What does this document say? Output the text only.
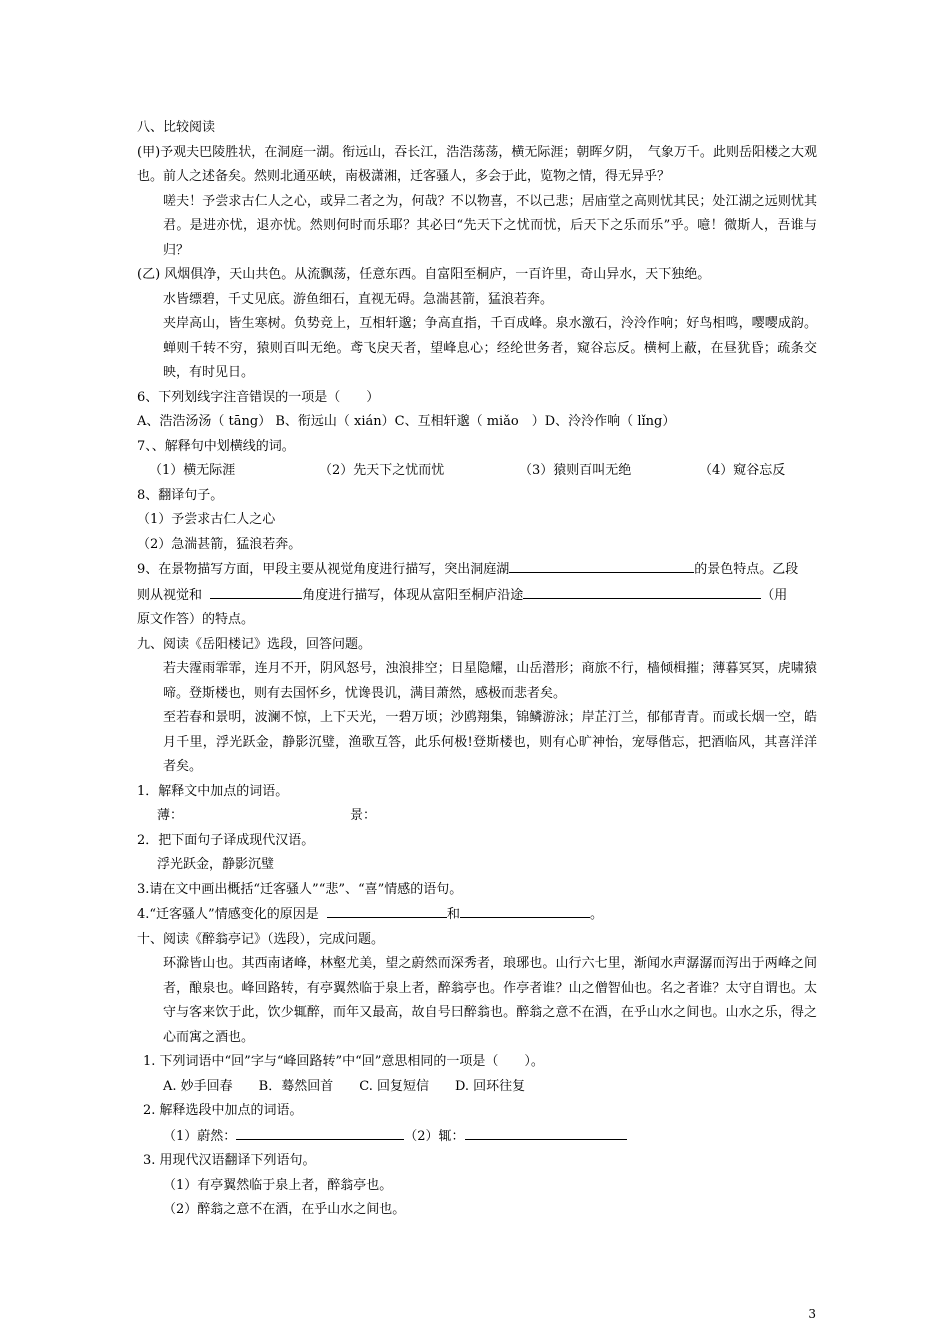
八、比较阅读
(甲)予观夫巴陵胜状，在洞庭一湖。衔远山，吞长江，浩浩荡荡，横无际涯；朝晖夕阴，　气象万千。此则岳阳楼之大观也。前人之述备矣。然则北通巫峡，南极潇湘，迁客骚人，多会于此，览物之情，得无异乎？
嗟夫！予尝求古仁人之心，或异二者之为，何哉？不以物喜，不以己悲；居庙堂之高则忧其民；处江湖之远则忧其君。是进亦忧，退亦忧。然则何时而乐耶？其必曰“先天下之忧而忧，后天下之乐而乐”乎。噫！微斯人，吾谁与归？
(乙) 风烟俱净，天山共色。从流飘荡，任意东西。自富阳至桐庐，一百许里，奇山异水，天下独绝。
水皆缥碧，千丈见底。游鱼细石，直视无碍。急湍甚箭，猛浪若奔。
夹岸高山，皆生寒树。负势竞上，互相轩邈；争高直指，千百成峰。泉水激石，泠泠作响；好鸟相鸣，嘤嘤成韵。蝉则千转不穷，猿则百叫无绝。鸢飞戾天者，望峰息心；经纶世务者，窥谷忘反。横柯上蔽，在昼犹昏；疏条交映，有时见日。
6、下列划线字注音错误的一项是（　　）
A、浩浩汤汤（ tāng） B、衔远山（ xián）C、互相轩邈（ miǎo　）D、泠泠作响（ lǐng）
7、、解释句中划横线的词。
（1）横无际涯	（2）先天下之忧而忧	（3）猿则百叫无绝	（4）窥谷忘反
8、翻译句子。
（1）予尝求古仁人之心
（2）急湍甚箭，猛浪若奔。
9、在景物描写方面，甲段主要从视觉角度进行描写，突出洞庭湖	的景色特点。乙段
则从视觉和	角度进行描写，体现从富阳至桐庐沿途	（用
原文作答）的特点。
九、阅读《岳阳楼记》选段，回答问题。
若夫霪雨霏霏，连月不开，阴风怒号，浊浪排空；日星隐耀，山岳潜形；商旅不行，樯倾楫摧；薄暮冥冥，虎啸猿啼。登斯楼也，则有去国怀乡，忧谗畏讥，满目萧然，感极而悲者矣。
至若春和景明，波澜不惊，上下天光，一碧万顷；沙鸥翔集，锦鳞游泳；岸芷汀兰，郁郁青青。而或长烟一空，皓月千里，浮光跃金，静影沉璧，渔歌互答，此乐何极!登斯楼也，则有心旷神怡，宠辱偕忘，把酒临风，其喜洋洋者矣。
1．解释文中加点的词语。
薄：	景：
2．把下面句子译成现代汉语。
浮光跃金，静影沉璧
3.请在文中画出概括“迁客骚人”“悲”、“喜”情感的语句。
4.“迁客骚人”情感变化的原因是	和	。
十、阅读《醉翁亭记》（选段），完成问题。
环滁皆山也。其西南诸峰，林壑尤美，望之蔚然而深秀者，琅琊也。山行六七里，渐闻水声潺潺而泻出于两峰之间者，酿泉也。峰回路转，有亭翼然临于泉上者，醉翁亭也。作亭者谁？山之僧智仙也。名之者谁？太守自谓也。太守与客来饮于此，饮少辄醉，而年又最高，故自号曰醉翁也。醉翁之意不在酒，在乎山水之间也。山水之乐，得之心而寓之酒也。
1. 下列词语中“回”字与“峰回路转”中“回”意思相同的一项是（　　）。
A. 妙手回春　　B．蓦然回首　　C. 回复短信　　D. 回环往复
2. 解释选段中加点的词语。
（1）蔚然：	（2）辄：
3. 用现代汉语翻译下列语句。
（1）有亭翼然临于泉上者，醉翁亭也。
（2）醉翁之意不在酒，在乎山水之间也。
3
